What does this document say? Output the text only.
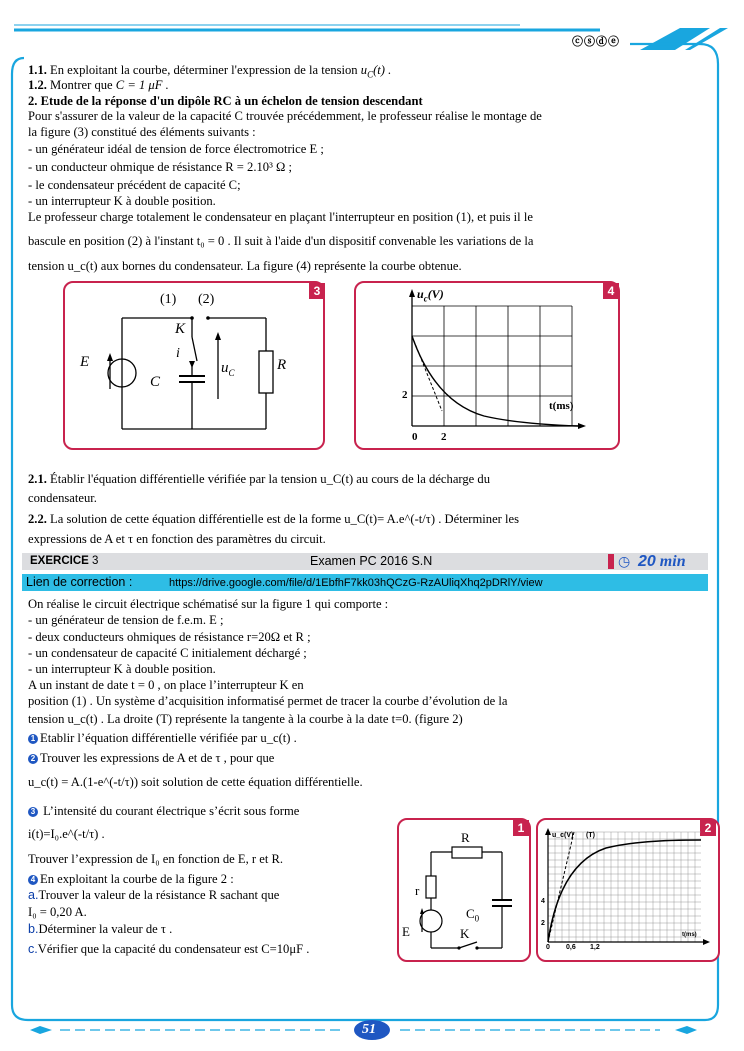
ⓒⓢⓓⓔ
1.1. En exploitant la courbe, déterminer l'expression de la tension $u_C(t)$ .
1.2. Montrer que C = 1 μF .
2. Etude de la réponse d'un dipôle RC à un échelon de tension descendant
Pour s'assurer de la valeur de la capacité C trouvée précédemment, le professeur réalise le montage de
la figure (3) constitué des éléments suivants :
- un générateur idéal de tension de force électromotrice E ;
- un conducteur ohmique de résistance R = 2.10³ Ω ;
- le condensateur précédent de capacité C;
- un interrupteur K à double position.
Le professeur charge totalement le condensateur en plaçant l'interrupteur en position (1), et puis il le
bascule en position (2) à l'instant t₀ = 0 . Il suit à l'aide d'un dispositif convenable les variations de la
tension u_c(t) aux bornes du condensateur. La figure (4) représente la courbe obtenue.
3
(1) (2)
K
i
E
C
$u_C$	R
4
$u_c(V)$
t(ms)
2
0 2
2.1. Établir l'équation différentielle vérifiée par la tension u_C(t) au cours de la décharge du
condensateur.
2.2. La solution de cette équation différentielle est de la forme u_C(t)= A.e^(-t/τ) . Déterminer les
expressions de A et τ en fonction des paramètres du circuit.
EXERCICE 3	Examen PC 2016 S.N	◷ 20 min
Lien de correction :	https://drive.google.com/file/d/1EbfhF7kk03hQCzG-RzAUliqXhq2pDRlY/view
On réalise le circuit électrique schématisé sur la figure 1 qui comporte :
- un générateur de tension de f.e.m. E ;
- deux conducteurs ohmiques de résistance r=20Ω et R ;
- un condensateur de capacité C initialement déchargé ;
- un interrupteur K à double position.
A un instant de date t = 0 , on place l’interrupteur K en
position (1) . Un système d’acquisition informatisé permet de tracer la courbe d’évolution de la
tension u_c(t) . La droite (T) représente la tangente à la courbe à la date t=0. (figure 2)
1 Etablir l’équation différentielle vérifiée par u_c(t) .
2 Trouver les expressions de A et de τ , pour que
u_c(t) = A.(1-e^(-t/τ)) soit solution de cette équation différentielle.
3 L’intensité du courant électrique s’écrit sous forme
i(t)=I₀.e^(-t/τ) .
Trouver l’expression de I₀ en fonction de E, r et R.
4 En exploitant la courbe de la figure 2 :
a.Trouver la valeur de la résistance R sachant que
I₀ = 0,20 A.
b.Déterminer la valeur de τ .
c.Vérifier que la capacité du condensateur est C=10μF .
1
R
r
E
$C_0$
K
2
u_c(V) (T)
t(ms)
4
2
0 0,6 1,2
51
